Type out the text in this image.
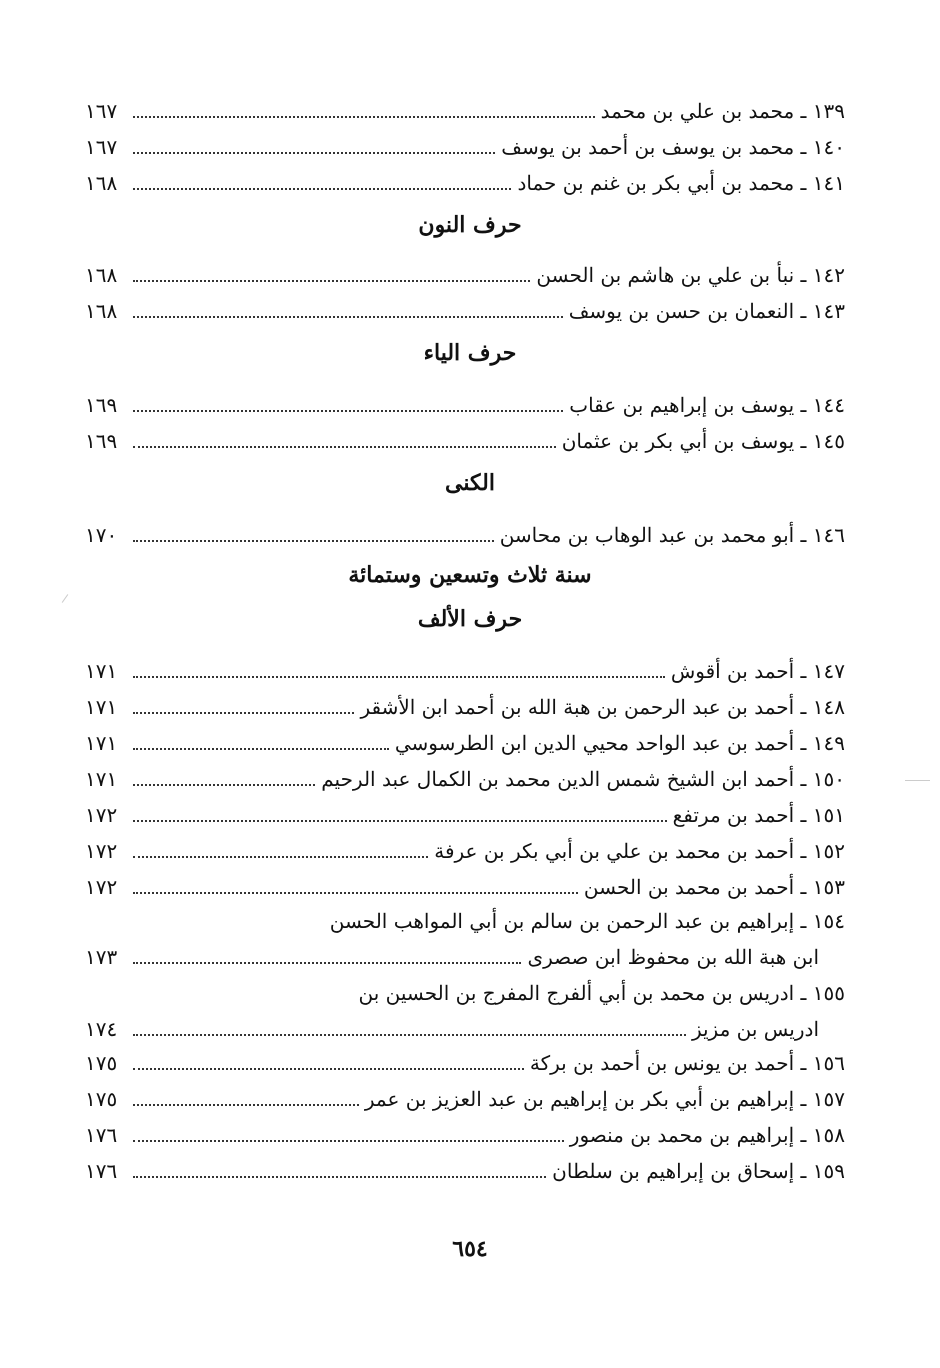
١٣٩ ـ محمد بن علي بن محمد
١٦٧
١٤٠ ـ محمد بن يوسف بن أحمد بن يوسف
١٦٧
١٤١ ـ محمد بن أبي بكر بن غنم بن حماد
١٦٨
حرف النون
١٤٢ ـ نبأ بن علي بن هاشم بن الحسن
١٦٨
١٤٣ ـ النعمان بن حسن بن يوسف
١٦٨
حرف الياء
١٤٤ ـ يوسف بن إبراهيم بن عقاب
١٦٩
١٤٥ ـ يوسف بن أبي بكر بن عثمان
١٦٩
الكنى
١٤٦ ـ أبو محمد بن عبد الوهاب بن محاسن
١٧٠
سنة ثلاث وتسعين وستمائة
حرف الألف
١٤٧ ـ أحمد بن أقوش
١٧١
١٤٨ ـ أحمد بن عبد الرحمن بن هبة الله بن أحمد ابن الأشقر
١٧١
١٤٩ ـ أحمد بن عبد الواحد محيي الدين ابن الطرسوسي
١٧١
١٥٠ ـ أحمد ابن الشيخ شمس الدين محمد بن الكمال عبد الرحيم
١٧١
١٥١ ـ أحمد بن مرتفع
١٧٢
١٥٢ ـ أحمد بن محمد بن علي بن أبي بكر بن عرفة
١٧٢
١٥٣ ـ أحمد بن محمد بن الحسن
١٧٢
١٥٤ ـ إبراهيم بن عبد الرحمن بن سالم بن أبي المواهب الحسن
ابن هبة الله بن محفوظ ابن صصرى
١٧٣
١٥٥ ـ ادريس بن محمد بن أبي ألفرج المفرج بن الحسين بن
ادريس بن مزيز
١٧٤
١٥٦ ـ أحمد بن يونس بن أحمد بن بركة
١٧٥
١٥٧ ـ إبراهيم بن أبي بكر بن إبراهيم بن عبد العزيز بن عمر
١٧٥
١٥٨ ـ إبراهيم بن محمد بن منصور
١٧٦
١٥٩ ـ إسحاق بن إبراهيم بن سلطان
١٧٦
٦٥٤
